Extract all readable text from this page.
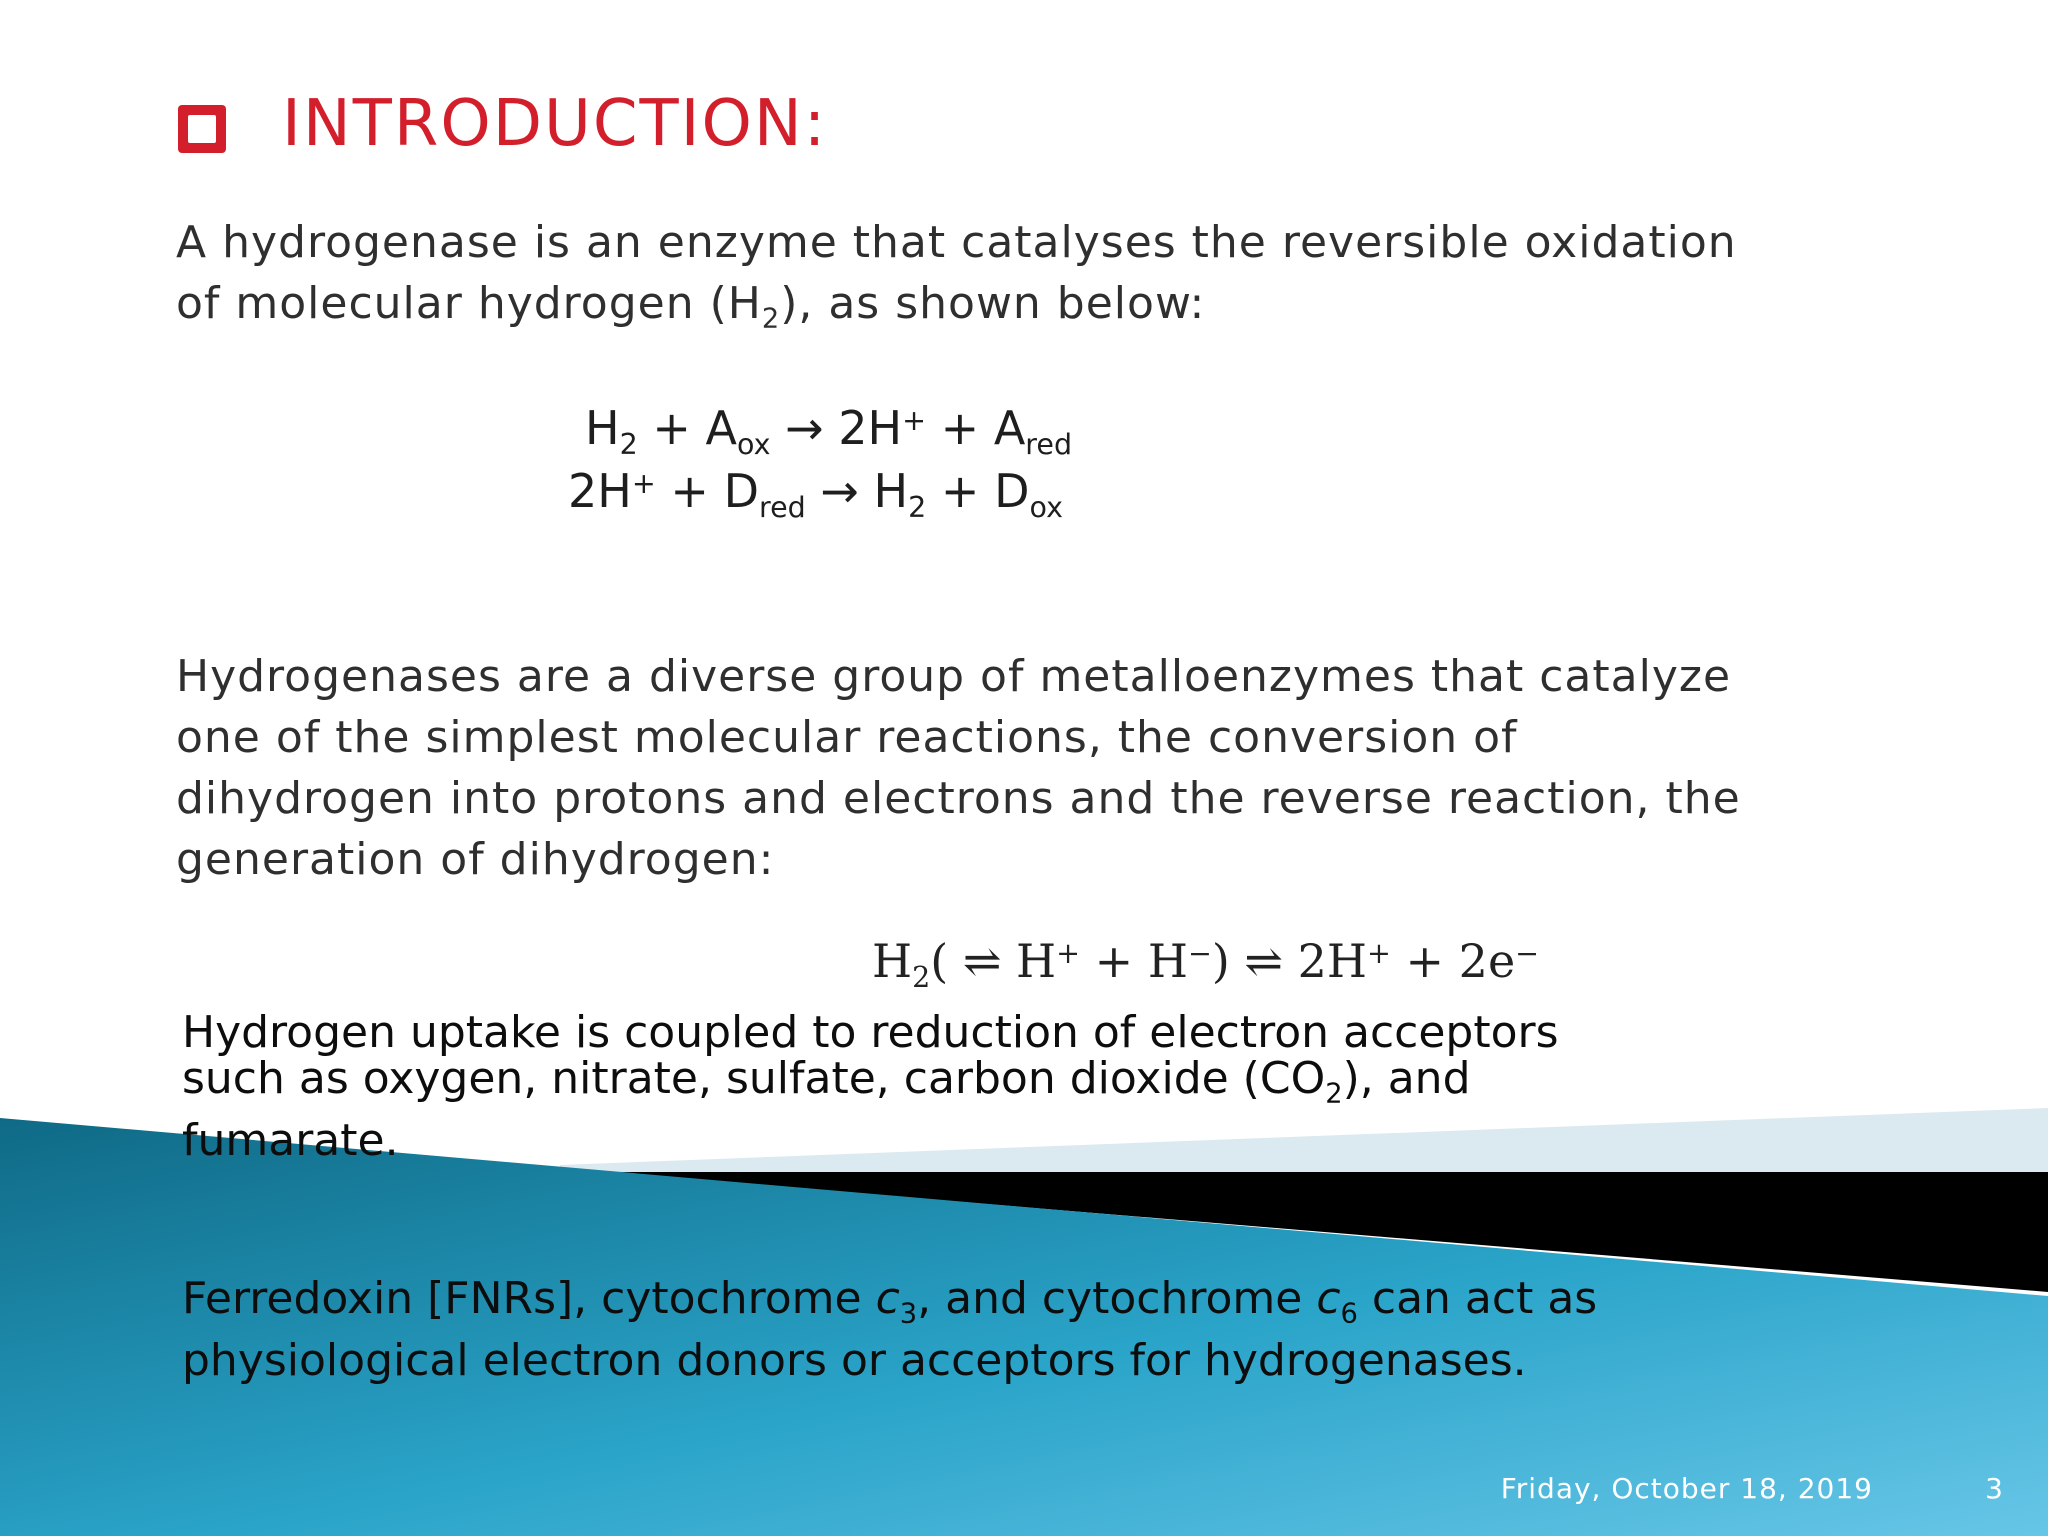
INTRODUCTION:
A hydrogenase is an enzyme that catalyses the reversible oxidation
of molecular hydrogen $(H_2)$, as shown below:
$H_2 + A_{ox} \to 2H^+ + A_{red}$
$2H^+ + D_{red} \to H_2 + D_{ox}$
Hydrogenases are a diverse group of metalloenzymes that catalyze
one of the simplest molecular reactions, the conversion of
dihydrogen into protons and electrons and the reverse reaction, the
generation of dihydrogen:
$H_2$( ⇌ H+ + H−) ⇌ 2H+ + 2e−
Hydrogen uptake is coupled to reduction of electron acceptors
such as oxygen, nitrate, sulfate, carbon dioxide $(CO_2)$, and
fumarate.
Ferredoxin [FNRs], cytochrome $c_3$, and cytochrome $c_6$ can act as
physiological electron donors or acceptors for hydrogenases.
Friday, October 18, 2019	3
